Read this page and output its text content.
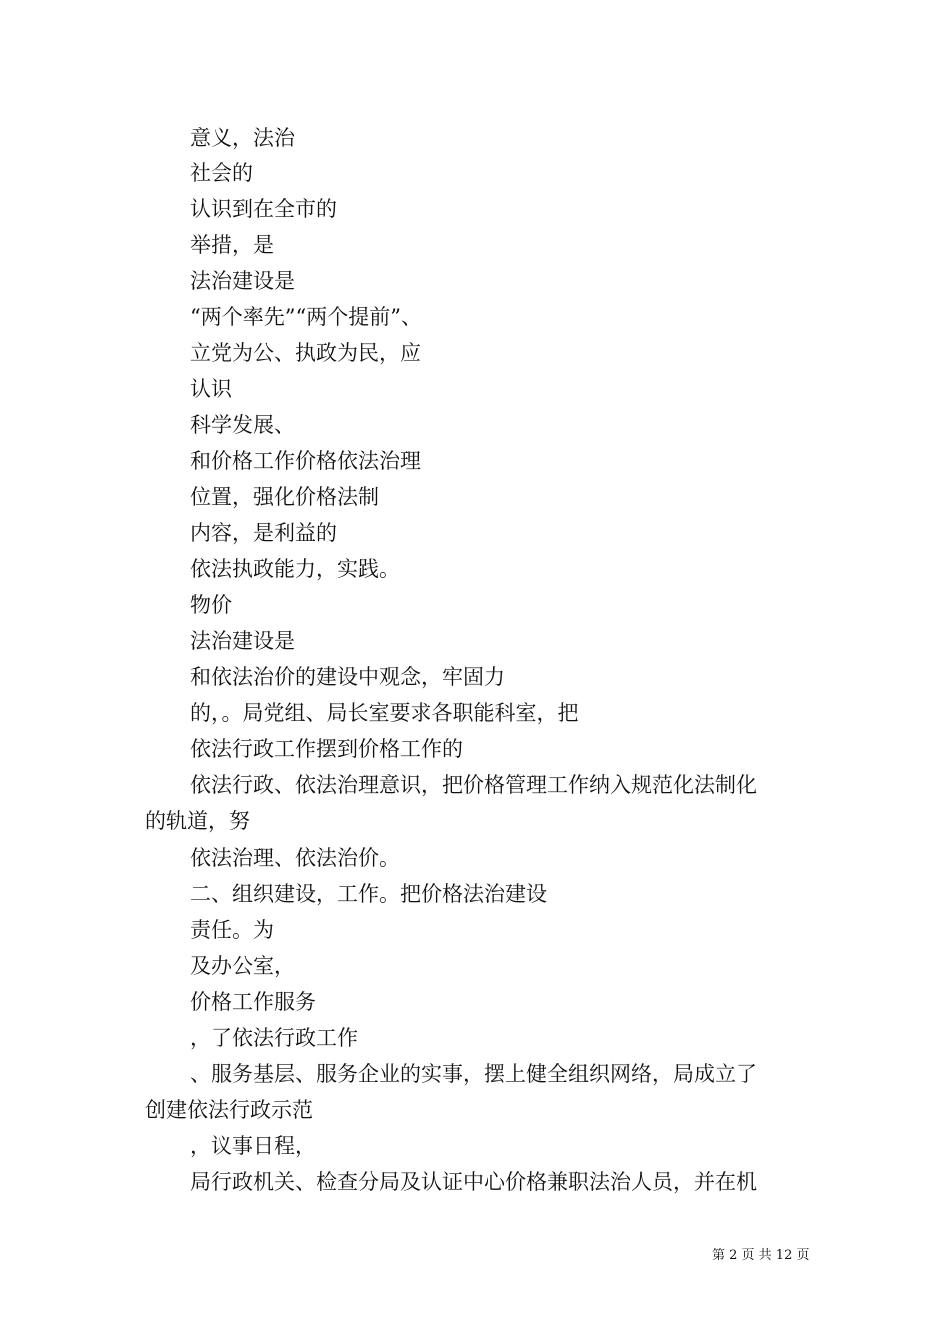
意义，法治
社会的
认识到在全市的
举措，是
法治建设是
“两个率先”“两个提前”、
立党为公、执政为民，应
认识
科学发展、
和价格工作价格依法治理
位置，强化价格法制
内容，是利益的
依法执政能力，实践。
物价
法治建设是
和依法治价的建设中观念，牢固力
的，。局党组、局长室要求各职能科室，把
依法行政工作摆到价格工作的
依法行政、依法治理意识，把价格管理工作纳入规范化法制化
的轨道，努
依法治理、依法治价。
二、组织建设，工作。把价格法治建设
责任。为
及办公室，
价格工作服务
，了依法行政工作
、服务基层、服务企业的实事，摆上健全组织网络，局成立了
创建依法行政示范
，议事日程，
局行政机关、检查分局及认证中心价格兼职法治人员，并在机
第 2 页 共 12 页
